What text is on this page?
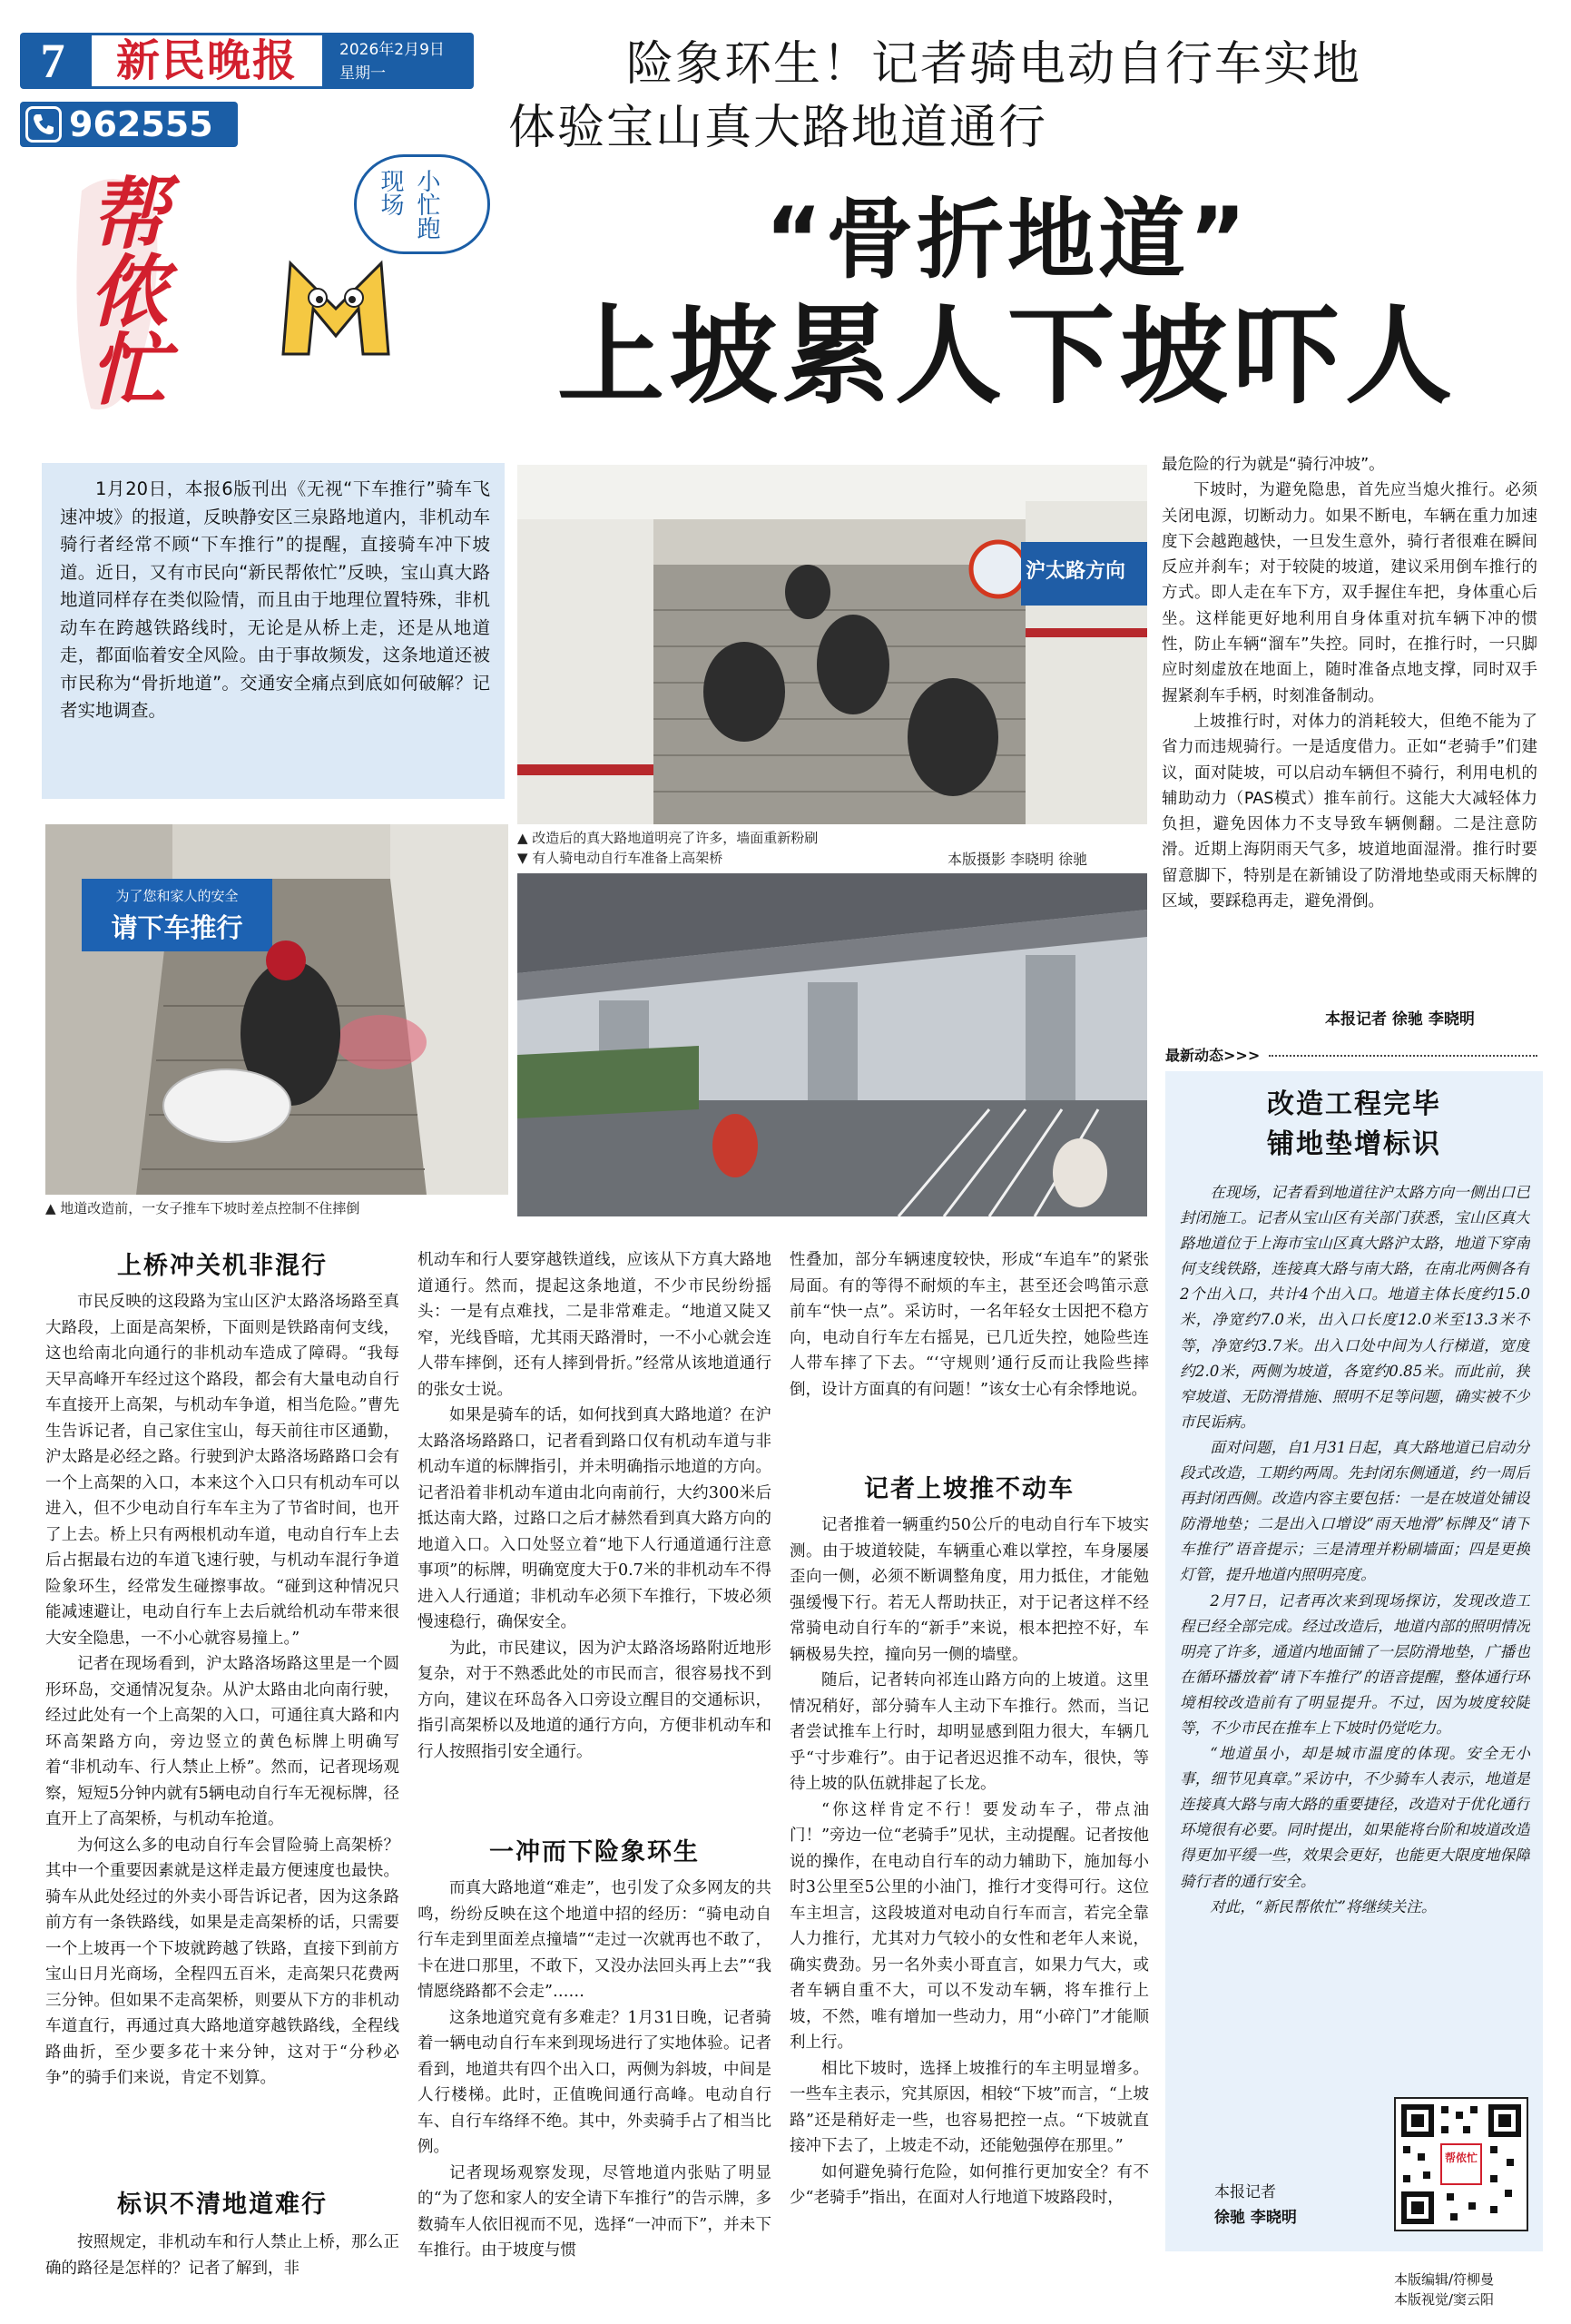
7	新民晚报	2026年2月9日
星期一
962555
帮侬忙	小忙跑现场
险象环生！记者骑电动自行车实地
体验宝山真大路地道通行
“骨折地道”
上坡累人下坡吓人

1月20日，本报6版刊出《无视“下车推行”骑车飞速冲坡》的报道，反映静安区三泉路地道内，非机动车骑行者经常不顾“下车推行”的提醒，直接骑车冲下坡道。近日，又有市民向“新民帮侬忙”反映，宝山真大路地道同样存在类似险情，而且由于地理位置特殊，非机动车在跨越铁路线时，无论是从桥上走，还是从地道走，都面临着安全风险。由于事故频发，这条地道还被市民称为“骨折地道”。交通安全痛点到底如何破解？记者实地调查。

沪太路方向
▲ 改造后的真大路地道明亮了许多，墙面重新粉刷
▼ 有人骑电动自行车准备上高架桥	本版摄影 李晓明 徐驰
为了您和家人的安全
请下车推行
▲ 地道改造前，一女子推车下坡时差点控制不住摔倒

最危险的行为就是“骑行冲坡”。

下坡时，为避免隐患，首先应当熄火推行。必须关闭电源，切断动力。如果不断电，车辆在重力加速度下会越跑越快，一旦发生意外，骑行者很难在瞬间反应并刹车；对于较陡的坡道，建议采用倒车推行的方式。即人走在车下方，双手握住车把，身体重心后坐。这样能更好地利用自身体重对抗车辆下冲的惯性，防止车辆“溜车”失控。同时，在推行时，一只脚应时刻虚放在地面上，随时准备点地支撑，同时双手握紧刹车手柄，时刻准备制动。

上坡推行时，对体力的消耗较大，但绝不能为了省力而违规骑行。一是适度借力。正如“老骑手”们建议，面对陡坡，可以启动车辆但不骑行，利用电机的辅助动力（PAS模式）推车前行。这能大大减轻体力负担，避免因体力不支导致车辆侧翻。二是注意防滑。近期上海阴雨天气多，坡道地面湿滑。推行时要留意脚下，特别是在新铺设了防滑地垫或雨天标牌的区域，要踩稳再走，避免滑倒。

本报记者 徐驰 李晓明
最新动态>>>
改造工程完毕
铺地垫增标识

在现场，记者看到地道往沪太路方向一侧出口已封闭施工。记者从宝山区有关部门获悉，宝山区真大路地道位于上海市宝山区真大路沪太路，地道下穿南何支线铁路，连接真大路与南大路，在南北两侧各有2个出入口，共计4个出入口。地道主体长度约15.0米，净宽约7.0米，出入口长度12.0米至13.3米不等，净宽约3.7米。出入口处中间为人行梯道，宽度约2.0米，两侧为坡道，各宽约0.85米。而此前，狭窄坡道、无防滑措施、照明不足等问题，确实被不少市民诟病。

面对问题，自1月31日起，真大路地道已启动分段式改造，工期约两周。先封闭东侧通道，约一周后再封闭西侧。改造内容主要包括：一是在坡道处铺设防滑地垫；二是出入口增设“雨天地滑”标牌及“请下车推行”语音提示；三是清理并粉刷墙面；四是更换灯管，提升地道内照明亮度。

2月7日，记者再次来到现场探访，发现改造工程已经全部完成。经过改造后，地道内部的照明情况明亮了许多，通道内地面铺了一层防滑地垫，广播也在循环播放着“请下车推行”的语音提醒，整体通行环境相较改造前有了明显提升。不过，因为坡度较陡等，不少市民在推车上下坡时仍觉吃力。

“地道虽小，却是城市温度的体现。安全无小事，细节见真章。”采访中，不少骑车人表示，地道是连接真大路与南大路的重要捷径，改造对于优化通行环境很有必要。同时提出，如果能将台阶和坡道改造得更加平缓一些，效果会更好，也能更大限度地保障骑行者的通行安全。

对此，“新民帮侬忙”将继续关注。

本报记者
徐驰 李晓明
帮侬忙
本版编辑/符柳曼
本版视觉/窦云阳
上桥冲关机非混行

市民反映的这段路为宝山区沪太路洛场路至真大路段，上面是高架桥，下面则是铁路南何支线，这也给南北向通行的非机动车造成了障碍。“我每天早高峰开车经过这个路段，都会有大量电动自行车直接开上高架，与机动车争道，相当危险。”曹先生告诉记者，自己家住宝山，每天前往市区通勤，沪太路是必经之路。行驶到沪太路洛场路路口会有一个上高架的入口，本来这个入口只有机动车可以进入，但不少电动自行车车主为了节省时间，也开了上去。桥上只有两根机动车道，电动自行车上去后占据最右边的车道飞速行驶，与机动车混行争道险象环生，经常发生碰擦事故。“碰到这种情况只能减速避让，电动自行车上去后就给机动车带来很大安全隐患，一不小心就容易撞上。”

记者在现场看到，沪太路洛场路这里是一个圆形环岛，交通情况复杂。从沪太路由北向南行驶，经过此处有一个上高架的入口，可通往真大路和内环高架路方向，旁边竖立的黄色标牌上明确写着“非机动车、行人禁止上桥”。然而，记者现场观察，短短5分钟内就有5辆电动自行车无视标牌，径直开上了高架桥，与机动车抢道。

为何这么多的电动自行车会冒险骑上高架桥？其中一个重要因素就是这样走最方便速度也最快。骑车从此处经过的外卖小哥告诉记者，因为这条路前方有一条铁路线，如果是走高架桥的话，只需要一个上坡再一个下坡就跨越了铁路，直接下到前方宝山日月光商场，全程四五百米，走高架只花费两三分钟。但如果不走高架桥，则要从下方的非机动车道直行，再通过真大路地道穿越铁路线，全程线路曲折，至少要多花十来分钟，这对于“分秒必争”的骑手们来说，肯定不划算。

标识不清地道难行

按照规定，非机动车和行人禁止上桥，那么正确的路径是怎样的？记者了解到，非

机动车和行人要穿越铁道线，应该从下方真大路地道通行。然而，提起这条地道，不少市民纷纷摇头：一是有点难找，二是非常难走。“地道又陡又窄，光线昏暗，尤其雨天路滑时，一不小心就会连人带车摔倒，还有人摔到骨折。”经常从该地道通行的张女士说。

如果是骑车的话，如何找到真大路地道？在沪太路洛场路路口，记者看到路口仅有机动车道与非机动车道的标牌指引，并未明确指示地道的方向。记者沿着非机动车道由北向南前行，大约300米后抵达南大路，过路口之后才赫然看到真大路方向的地道入口。入口处竖立着“地下人行通道通行注意事项”的标牌，明确宽度大于0.7米的非机动车不得进入人行通道；非机动车必须下车推行，下坡必须慢速稳行，确保安全。

为此，市民建议，因为沪太路洛场路附近地形复杂，对于不熟悉此处的市民而言，很容易找不到方向，建议在环岛各入口旁设立醒目的交通标识，指引高架桥以及地道的通行方向，方便非机动车和行人按照指引安全通行。

一冲而下险象环生

而真大路地道“难走”，也引发了众多网友的共鸣，纷纷反映在这个地道中招的经历：“骑电动自行车走到里面差点撞墙”“走过一次就再也不敢了，卡在进口那里，不敢下，又没办法回头再上去”“我情愿绕路都不会走”……

这条地道究竟有多难走？1月31日晚，记者骑着一辆电动自行车来到现场进行了实地体验。记者看到，地道共有四个出入口，两侧为斜坡，中间是人行楼梯。此时，正值晚间通行高峰。电动自行车、自行车络绎不绝。其中，外卖骑手占了相当比例。

记者现场观察发现，尽管地道内张贴了明显的“为了您和家人的安全请下车推行”的告示牌，多数骑车人依旧视而不见，选择“一冲而下”，并未下车推行。由于坡度与惯

性叠加，部分车辆速度较快，形成“车追车”的紧张局面。有的等得不耐烦的车主，甚至还会鸣笛示意前车“快一点”。采访时，一名年轻女士因把不稳方向，电动自行车左右摇晃，已几近失控，她险些连人带车摔了下去。“‘守规则’通行反而让我险些摔倒，设计方面真的有问题！”该女士心有余悸地说。

记者上坡推不动车

记者推着一辆重约50公斤的电动自行车下坡实测。由于坡道较陡，车辆重心难以掌控，车身屡屡歪向一侧，必须不断调整角度，用力抵住，才能勉强缓慢下行。若无人帮助扶正，对于记者这样不经常骑电动自行车的“新手”来说，根本把控不好，车辆极易失控，撞向另一侧的墙壁。

随后，记者转向祁连山路方向的上坡道。这里情况稍好，部分骑车人主动下车推行。然而，当记者尝试推车上行时，却明显感到阻力很大，车辆几乎“寸步难行”。由于记者迟迟推不动车，很快，等待上坡的队伍就排起了长龙。

“你这样肯定不行！要发动车子，带点油门！”旁边一位“老骑手”见状，主动提醒。记者按他说的操作，在电动自行车的动力辅助下，施加每小时3公里至5公里的小油门，推行才变得可行。这位车主坦言，这段坡道对电动自行车而言，若完全靠人力推行，尤其对力气较小的女性和老年人来说，确实费劲。另一名外卖小哥直言，如果力气大，或者车辆自重不大，可以不发动车辆，将车推行上坡，不然，唯有增加一些动力，用“小碎门”才能顺利上行。

相比下坡时，选择上坡推行的车主明显增多。一些车主表示，究其原因，相较“下坡”而言，“上坡路”还是稍好走一些，也容易把控一点。“下坡就直接冲下去了，上坡走不动，还能勉强停在那里。”

如何避免骑行危险，如何推行更加安全？有不少“老骑手”指出，在面对人行地道下坡路段时，
